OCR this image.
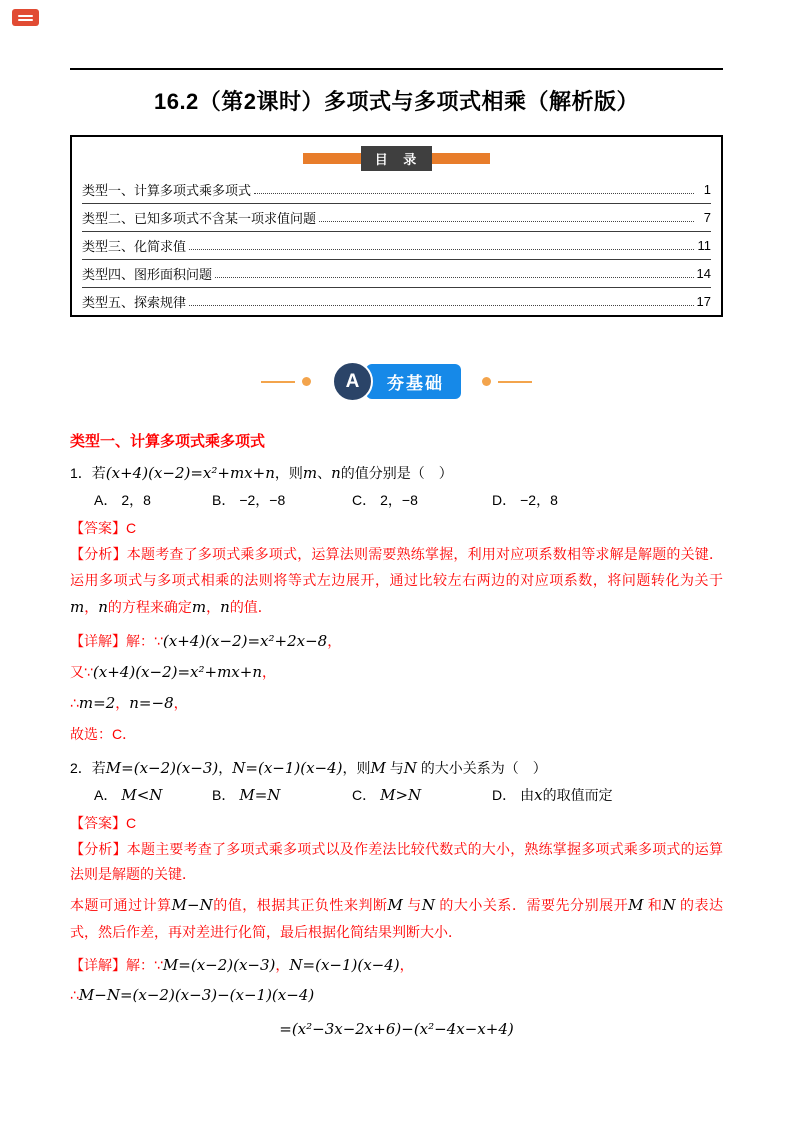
16.2（第2课时）多项式与多项式相乘（解析版）
目 录
类型一、计算多项式乘多项式	1
类型二、已知多项式不含某一项求值问题	7
类型三、化简求值	11
类型四、图形面积问题	14
类型五、探索规律	17
A	夯基础
类型一、计算多项式乘多项式
1．若(x+4)(x−2)=x²+mx+n，则m、n的值分别是（　）
A． 2，8	B． −2，−8	C． 2，−8	D． −2，8
【答案】C
【分析】本题考查了多项式乘多项式，运算法则需要熟练掌握，利用对应项系数相等求解是解题的关键．运用多项式与多项式相乘的法则将等式左边展开，通过比较左右两边的对应项系数，将问题转化为关于m，n的方程来确定m，n的值．
【详解】解：∵(x+4)(x−2)=x²+2x−8，
又∵(x+4)(x−2)=x²+mx+n，
∴m=2，n=−8，
故选：C．
2．若M=(x−2)(x−3)，N=(x−1)(x−4)，则M 与N 的大小关系为（　）
A． M<N	B． M=N	C． M>N	D． 由x的取值而定
【答案】C
【分析】本题主要考查了多项式乘多项式以及作差法比较代数式的大小，熟练掌握多项式乘多项式的运算法则是解题的关键．
本题可通过计算M−N的值，根据其正负性来判断M 与N 的大小关系．需要先分别展开M 和N 的表达式，然后作差，再对差进行化简，最后根据化简结果判断大小．
【详解】解：∵M=(x−2)(x−3)，N=(x−1)(x−4)，
∴M−N=(x−2)(x−3)−(x−1)(x−4)
=(x²−3x−2x+6)−(x²−4x−x+4)
